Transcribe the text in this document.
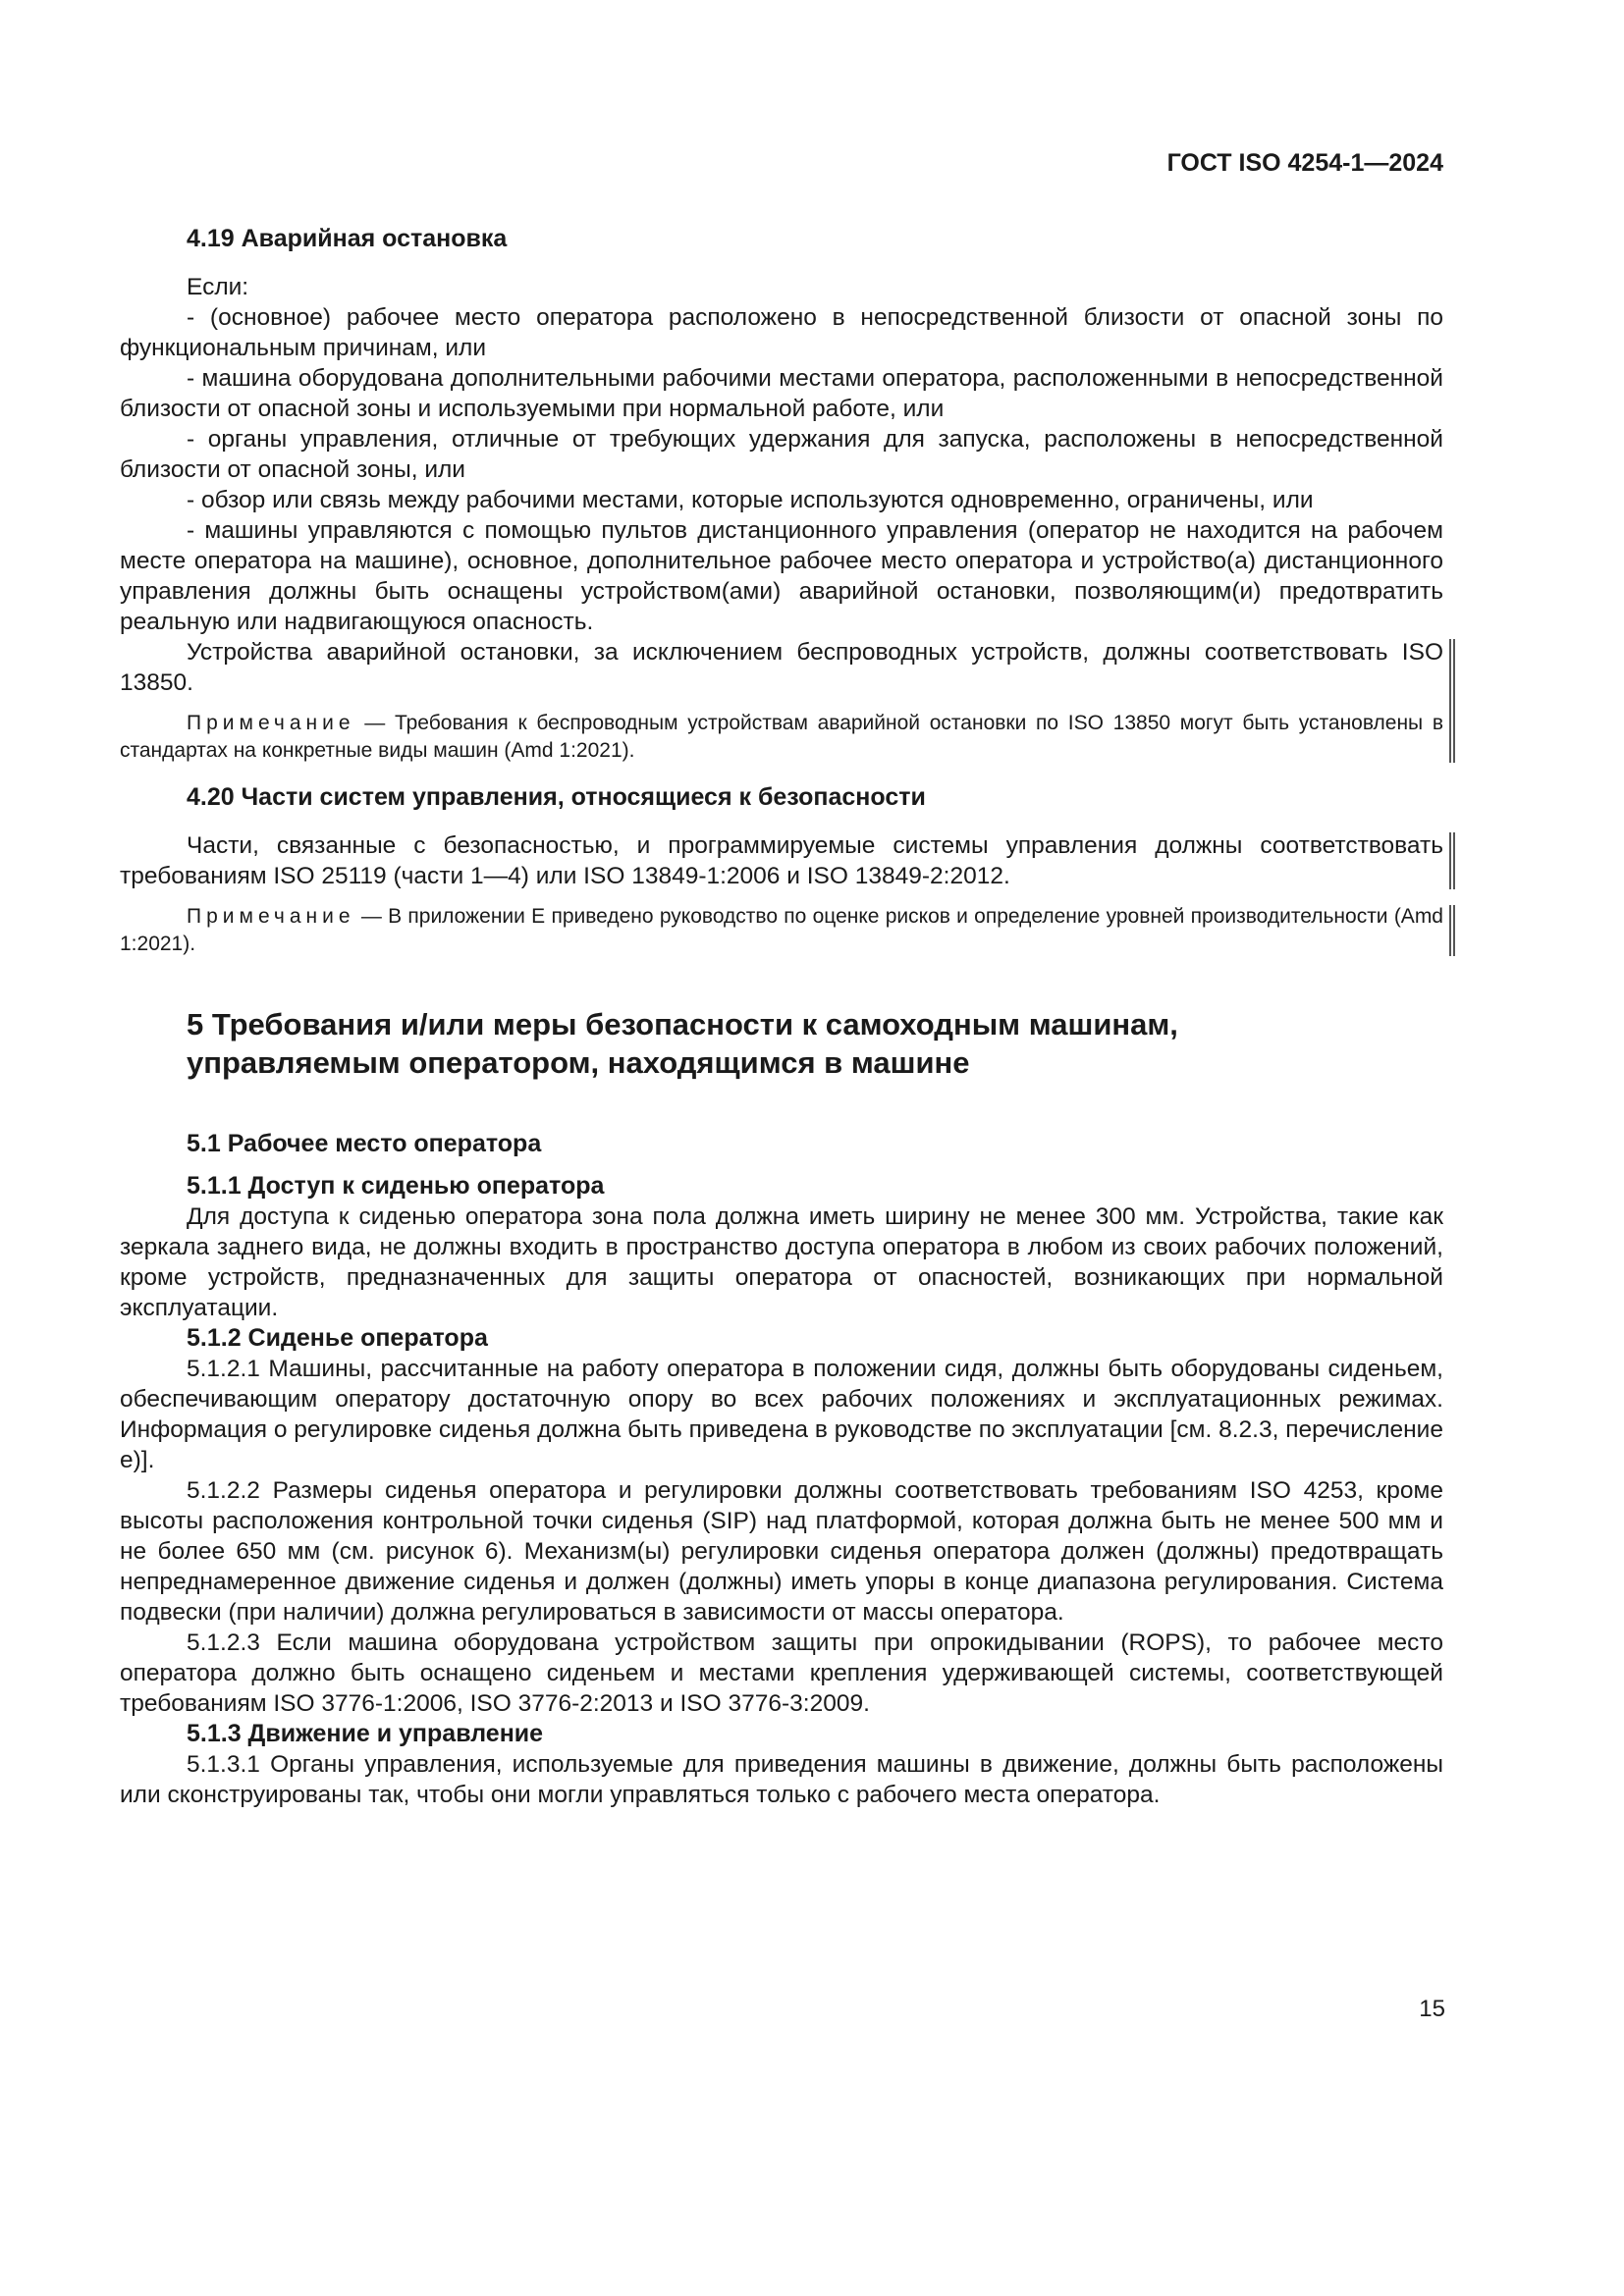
ГОСТ ISO 4254-1—2024

4.19 Аварийная остановка

Если:

- (основное) рабочее место оператора расположено в непосредственной близости от опасной зоны по функциональным причинам, или

- машина оборудована дополнительными рабочими местами оператора, расположенными в непосредственной близости от опасной зоны и используемыми при нормальной работе, или

- органы управления, отличные от требующих удержания для запуска, расположены в непосредственной близости от опасной зоны, или

- обзор или связь между рабочими местами, которые используются одновременно, ограничены, или

- машины управляются с помощью пультов дистанционного управления (оператор не находится на рабочем месте оператора на машине), основное, дополнительное рабочее место оператора и устройство(а) дистанционного управления должны быть оснащены устройством(ами) аварийной остановки, позволяющим(и) предотвратить реальную или надвигающуюся опасность.

Устройства аварийной остановки, за исключением беспроводных устройств, должны соответствовать ISO 13850.

Примечание — Требования к беспроводным устройствам аварийной остановки по ISO 13850 могут быть установлены в стандартах на конкретные виды машин (Amd 1:2021).

4.20 Части систем управления, относящиеся к безопасности

Части, связанные с безопасностью, и программируемые системы управления должны соответствовать требованиям ISO 25119 (части 1—4) или ISO 13849-1:2006 и ISO 13849-2:2012.

Примечание — В приложении Е приведено руководство по оценке рисков и определение уровней производительности (Amd 1:2021).

5 Требования и/или меры безопасности к самоходным машинам,
управляемым оператором, находящимся в машине

5.1 Рабочее место оператора

5.1.1 Доступ к сиденью оператора

Для доступа к сиденью оператора зона пола должна иметь ширину не менее 300 мм. Устройства, такие как зеркала заднего вида, не должны входить в пространство доступа оператора в любом из своих рабочих положений, кроме устройств, предназначенных для защиты оператора от опасностей, возникающих при нормальной эксплуатации.

5.1.2 Сиденье оператора

5.1.2.1 Машины, рассчитанные на работу оператора в положении сидя, должны быть оборудованы сиденьем, обеспечивающим оператору достаточную опору во всех рабочих положениях и эксплуатационных режимах. Информация о регулировке сиденья должна быть приведена в руководстве по эксплуатации [см. 8.2.3, перечисление е)].

5.1.2.2 Размеры сиденья оператора и регулировки должны соответствовать требованиям ISO 4253, кроме высоты расположения контрольной точки сиденья (SIP) над платформой, которая должна быть не менее 500 мм и не более 650 мм (см. рисунок 6). Механизм(ы) регулировки сиденья оператора должен (должны) предотвращать непреднамеренное движение сиденья и должен (должны) иметь упоры в конце диапазона регулирования. Система подвески (при наличии) должна регулироваться в зависимости от массы оператора.

5.1.2.3 Если машина оборудована устройством защиты при опрокидывании (ROPS), то рабочее место оператора должно быть оснащено сиденьем и местами крепления удерживающей системы, соответствующей требованиям ISO 3776-1:2006, ISO 3776-2:2013 и ISO 3776-3:2009.

5.1.3 Движение и управление

5.1.3.1 Органы управления, используемые для приведения машины в движение, должны быть расположены или сконструированы так, чтобы они могли управляться только с рабочего места оператора.

15
